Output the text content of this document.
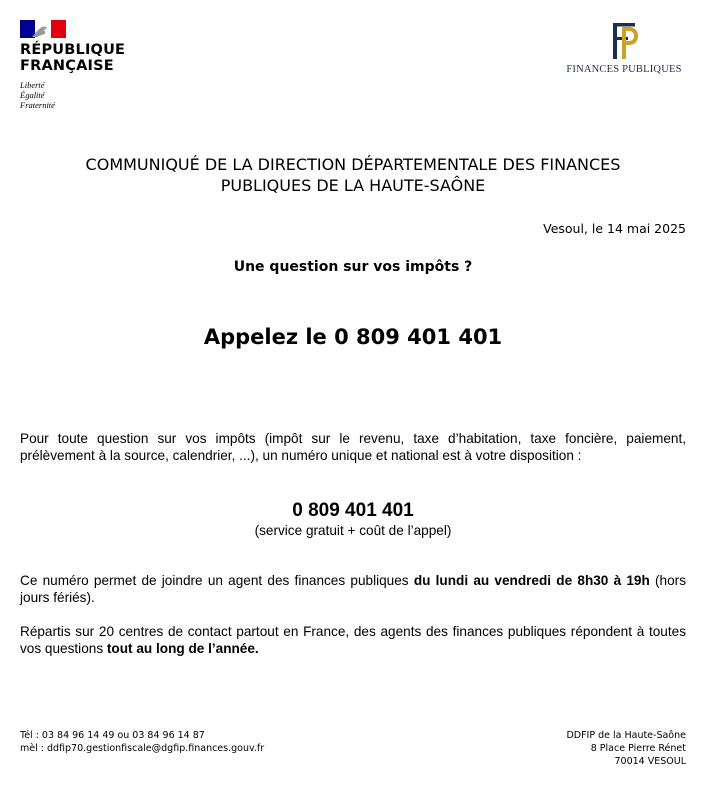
RÉPUBLIQUE
FRANÇAISE
Liberté
Égalité
Fraternité
FINANCES PUBLIQUES
COMMUNIQUÉ DE LA DIRECTION DÉPARTEMENTALE DES FINANCES
PUBLIQUES DE LA HAUTE-SAÔNE
Vesoul, le 14 mai 2025
Une question sur vos impôts ?
Appelez le 0 809 401 401
Pour toute question sur vos impôts (impôt sur le revenu, taxe d’habitation, taxe foncière, paiement, prélèvement à la source, calendrier, ...), un numéro unique et national est à votre disposition :
0 809 401 401
(service gratuit + coût de l’appel)
Ce numéro permet de joindre un agent des finances publiques du lundi au vendredi de 8h30 à 19h (hors jours fériés).
Répartis sur 20 centres de contact partout en France, des agents des finances publiques répondent à toutes vos questions tout au long de l’année.
Tél : 03 84 96 14 49 ou 03 84 96 14 87
mèl : ddfip70.gestionfiscale@dgfip.finances.gouv.fr
DDFIP de la Haute-Saône
8 Place Pierre Rénet
70014 VESOUL
